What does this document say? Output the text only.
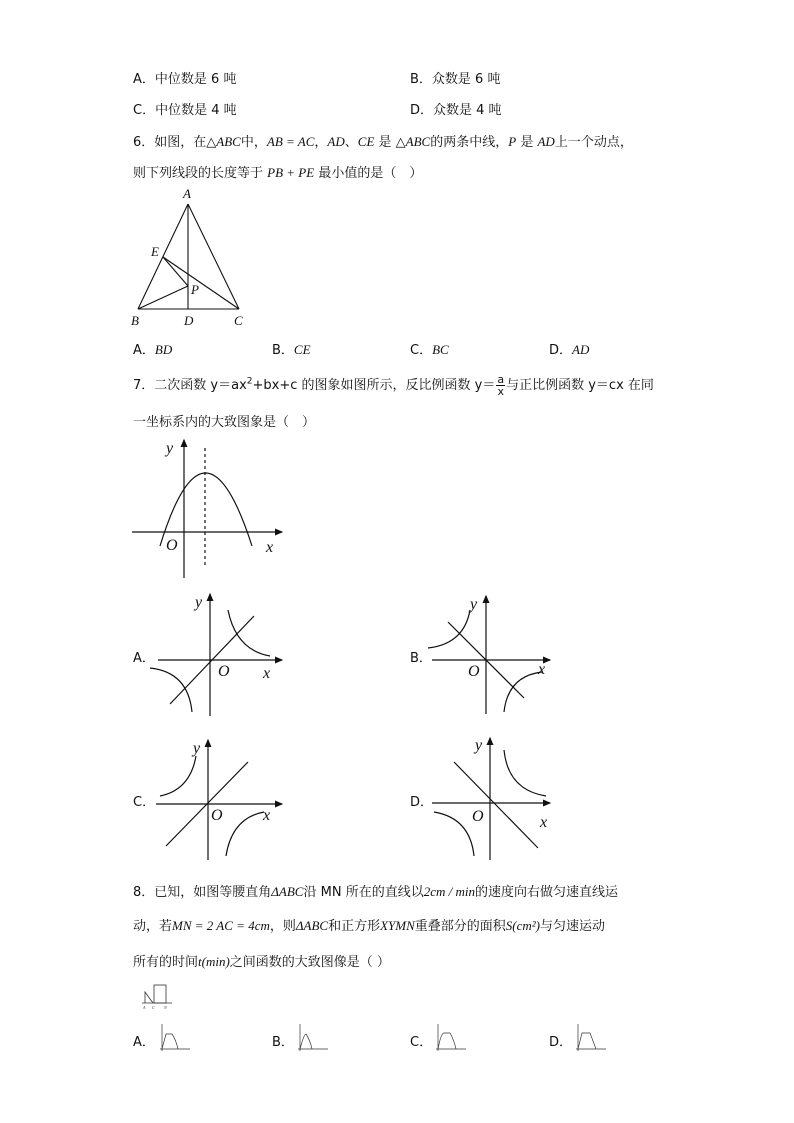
A．中位数是 6 吨	B．众数是 6 吨
C．中位数是 4 吨	D．众数是 4 吨
6．如图，在△ABC中，AB = AC，AD、CE 是 △ABC的两条中线，P 是 AD上一个动点，
则下列线段的长度等于 PB + PE 最小值的是（　）
A
E
P
B	D	C
A．BD	B．CE	C．BC	D．AD
7．二次函数 $y=ax^2+bx+c$ 的图象如图所示，反比例函数 $y= \frac{a}{x}$ 与正比例函数 y＝cx 在同
一坐标系内的大致图象是（　）
y
x
O
A．
y
x
O
B．
y
x
O
C．
y
x
O
D．
y
x
O
8．已知，如图等腰直角ΔABC沿 MN 所在的直线以2cm / min的速度向右做匀速直线运
动，若MN = 2 AC = 4cm，则ΔABC和正方形XYMN重叠部分的面积S(cm²)与匀速运动
所有的时间t(min)之间函数的大致图像是（ ）
A C N
A．	B．	C．	D．
